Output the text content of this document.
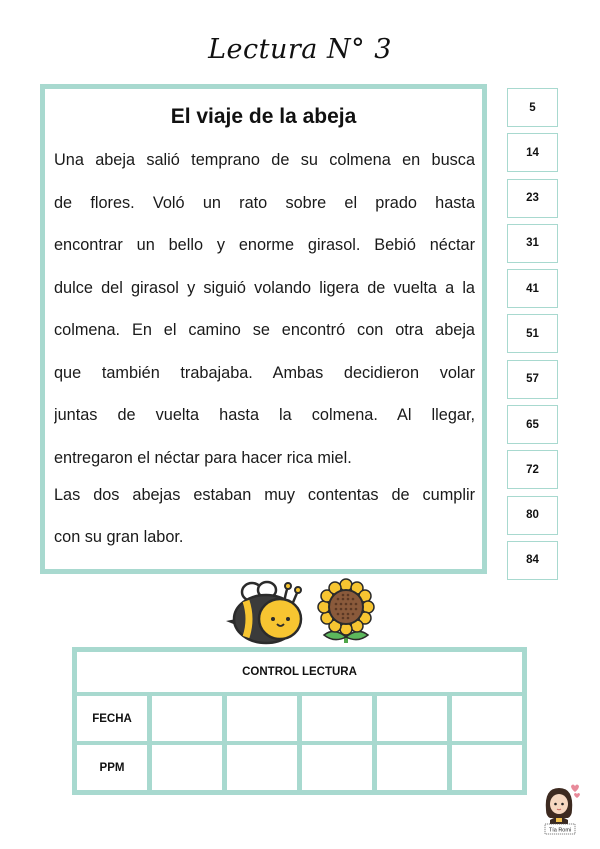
Lectura N° 3
El viaje de la abeja
Una abeja salió temprano de su colmena en busca
de flores. Voló un rato sobre el prado hasta
encontrar un bello y enorme girasol. Bebió néctar
dulce del girasol y siguió volando ligera de vuelta a la
colmena. En el camino se encontró con otra abeja
que también trabajaba. Ambas decidieron volar
juntas de vuelta hasta la colmena. Al llegar,
entregaron el néctar para hacer rica miel.
Las dos abejas estaban muy contentas de cumplir
con su gran labor.
5
14
23
31
41
51
57
65
72
80
84
CONTROL LECTURA
FECHA
PPM
Tía Romi
